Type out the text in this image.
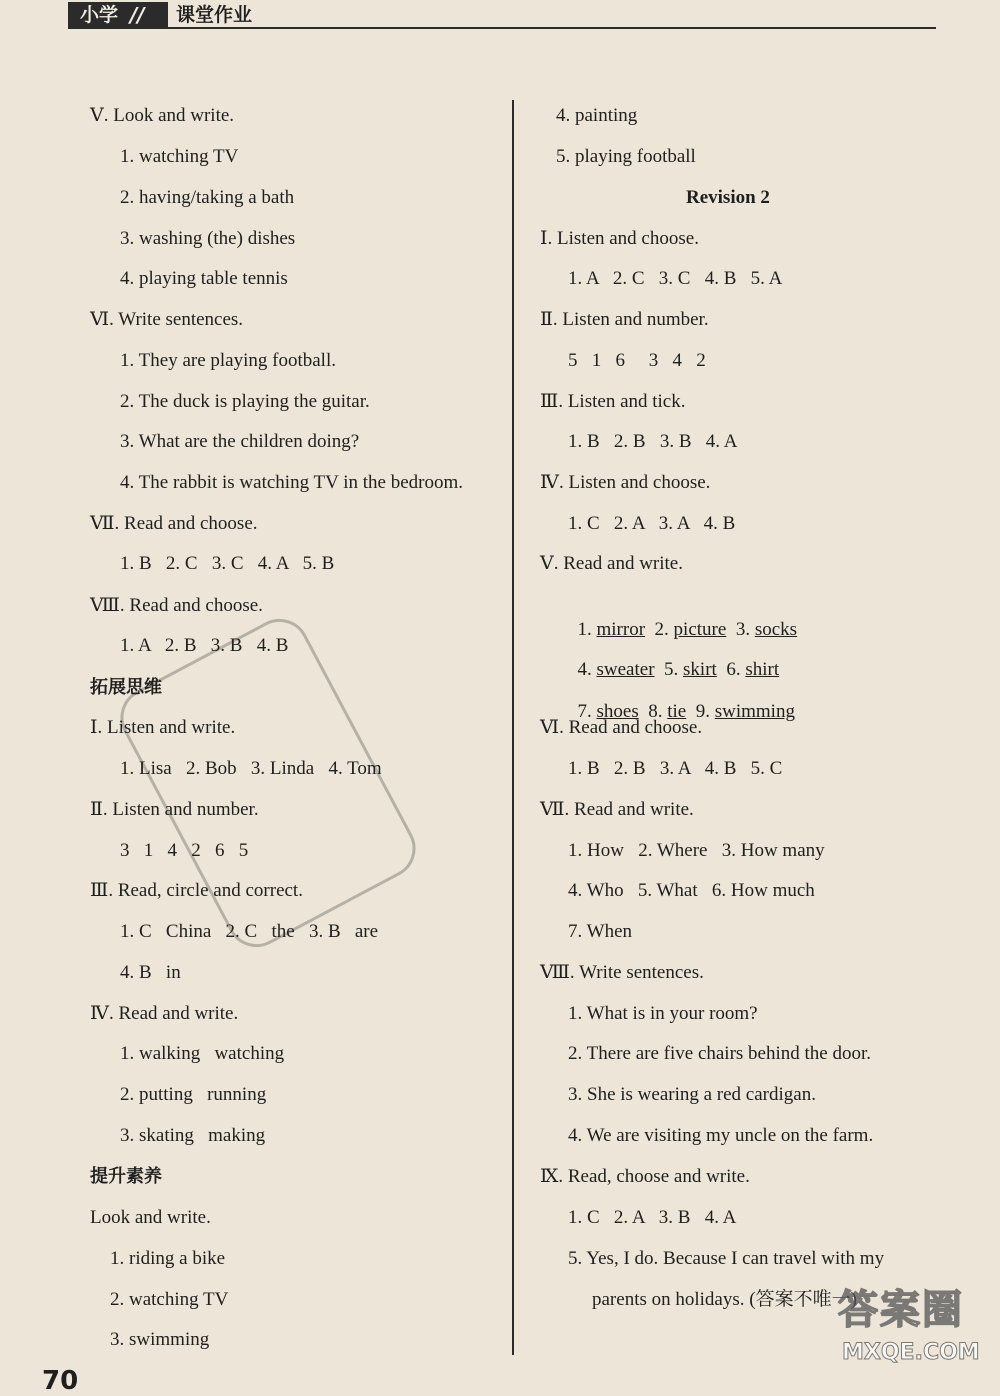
小学 // 课堂作业
Ⅴ. Look and write.
1. watching TV
2. having/taking a bath
3. washing (the) dishes
4. playing table tennis
Ⅵ. Write sentences.
1. They are playing football.
2. The duck is playing the guitar.
3. What are the children doing?
4. The rabbit is watching TV in the bedroom.
Ⅶ. Read and choose.
1. B   2. C   3. C   4. A   5. B
Ⅷ. Read and choose.
1. A   2. B   3. B   4. B
拓展思维
Ⅰ. Listen and write.
1. Lisa   2. Bob   3. Linda   4. Tom
Ⅱ. Listen and number.
3   1   4   2   6   5
Ⅲ. Read, circle and correct.
1. C   China   2. C   the   3. B   are
4. B   in
Ⅳ. Read and write.
1. walking   watching
2. putting   running
3. skating   making
提升素养
Look and write.
1. riding a bike
2. watching TV
3. swimming
4. painting
5. playing football
Revision 2
Ⅰ. Listen and choose.
1. A   2. C   3. C   4. B   5. A
Ⅱ. Listen and number.
5   1   6     3   4   2
Ⅲ. Listen and tick.
1. B   2. B   3. B   4. A
Ⅳ. Listen and choose.
1. C   2. A   3. A   4. B
Ⅴ. Read and write.

1. mirror  2. picture  3. socks

4. sweater  5. skirt  6. shirt

7. shoes  8. tie  9. swimming

Ⅵ. Read and choose.
1. B   2. B   3. A   4. B   5. C
Ⅶ. Read and write.
1. How   2. Where   3. How many
4. Who   5. What   6. How much
7. When
Ⅷ. Write sentences.
1. What is in your room?
2. There are five chairs behind the door.
3. She is wearing a red cardigan.
4. We are visiting my uncle on the farm.
Ⅸ. Read, choose and write.
1. C   2. A   3. B   4. A
5. Yes, I do. Because I can travel with my
parents on holidays. (答案不唯一)
答案圈
MXQE.COM
70
